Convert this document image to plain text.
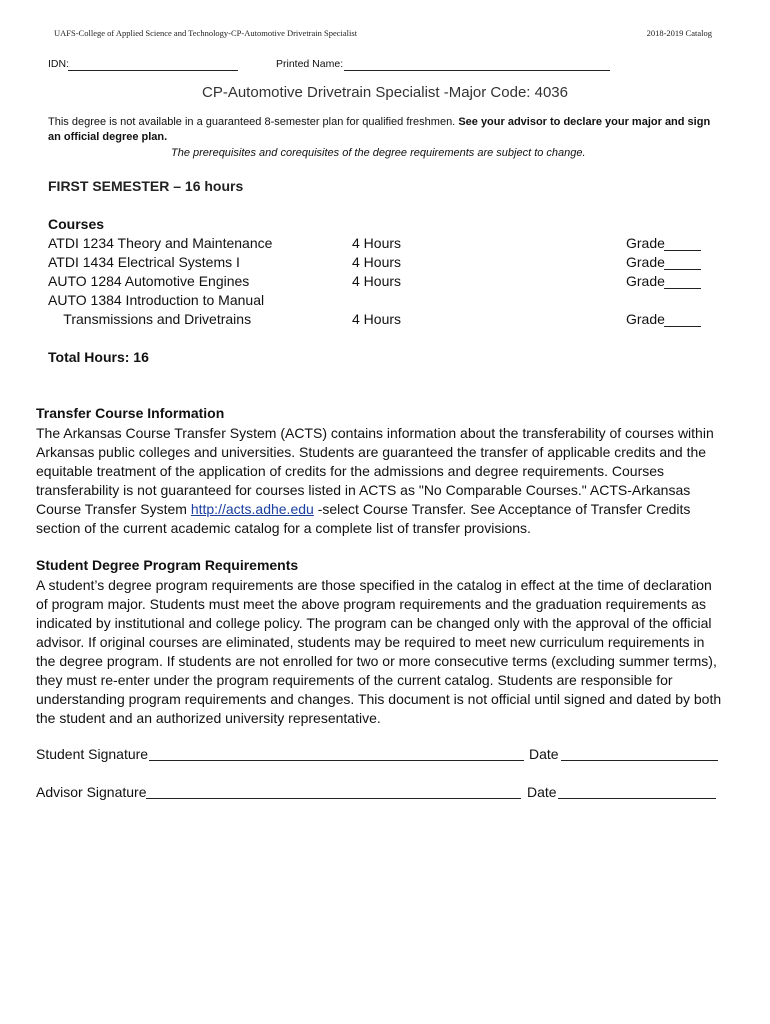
UAFS-College of Applied Science and Technology-CP-Automotive Drivetrain Specialist	2018-2019 Catalog
IDN:	Printed Name:
CP-Automotive Drivetrain Specialist -Major Code: 4036
This degree is not available in a guaranteed 8-semester plan for qualified freshmen. See your advisor to declare your major and sign an official degree plan.
The prerequisites and corequisites of the degree requirements are subject to change.
FIRST SEMESTER – 16 hours
Courses
ATDI 1234 Theory and Maintenance	4 Hours	Grade
ATDI 1434 Electrical Systems I	4 Hours	Grade
AUTO 1284 Automotive Engines	4 Hours	Grade
AUTO 1384 Introduction to Manual
Transmissions and Drivetrains	4 Hours	Grade
Total Hours: 16
Transfer Course Information
The Arkansas Course Transfer System (ACTS) contains information about the transferability of courses within Arkansas public colleges and universities. Students are guaranteed the transfer of applicable credits and the equitable treatment of the application of credits for the admissions and degree requirements. Courses transferability is not guaranteed for courses listed in ACTS as "No Comparable Courses." ACTS-Arkansas Course Transfer System http://acts.adhe.edu -select Course Transfer. See Acceptance of Transfer Credits section of the current academic catalog for a complete list of transfer provisions.
Student Degree Program Requirements
A student’s degree program requirements are those specified in the catalog in effect at the time of declaration of program major. Students must meet the above program requirements and the graduation requirements as indicated by institutional and college policy. The program can be changed only with the approval of the official advisor. If original courses are eliminated, students may be required to meet new curriculum requirements in the degree program. If students are not enrolled for two or more consecutive terms (excluding summer terms), they must re-enter under the program requirements of the current catalog. Students are responsible for understanding program requirements and changes. This document is not official until signed and dated by both the student and an authorized university representative.
Student Signature	Date
Advisor Signature	Date
